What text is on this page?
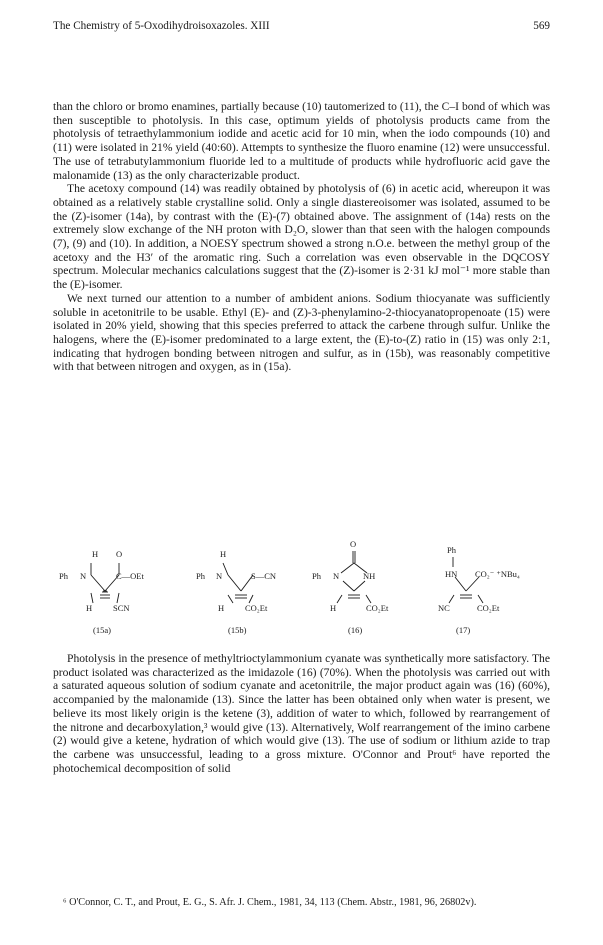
The Chemistry of 5-Oxodihydroisoxazoles. XIII	569

than the chloro or bromo enamines, partially because (10) tautomerized to (11), the C–I bond of which was then susceptible to photolysis. In this case, optimum yields of photolysis products came from the photolysis of tetraethylammonium iodide and acetic acid for 10 min, when the iodo compounds (10) and (11) were isolated in 21% yield (40:60). Attempts to synthesize the fluoro enamine (12) were unsuccessful. The use of tetrabutylammonium fluoride led to a multitude of products while hydrofluoric acid gave the malonamide (13) as the only characterizable product.

The acetoxy compound (14) was readily obtained by photolysis of (6) in acetic acid, whereupon it was obtained as a relatively stable crystalline solid. Only a single diastereoisomer was isolated, assumed to be the (Z)-isomer (14a), by contrast with the (E)-(7) obtained above. The assignment of (14a) rests on the extremely slow exchange of the NH proton with D₂O, slower than that seen with the halogen compounds (7), (9) and (10). In addition, a NOESY spectrum showed a strong n.O.e. between the methyl group of the acetoxy and the H3′ of the aromatic ring. Such a correlation was even observable in the DQCOSY spectrum. Molecular mechanics calculations suggest that the (Z)-isomer is 2·31 kJ mol⁻¹ more stable than the (E)-isomer.

We next turned our attention to a number of ambident anions. Sodium thiocyanate was sufficiently soluble in acetonitrile to be usable. Ethyl (E)- and (Z)-3-phenylamino-2-thiocyanatopropenoate (15) were isolated in 20% yield, showing that this species preferred to attack the carbene through sulfur. Unlike the halogens, where the (E)-isomer predominated to a large extent, the (E)-to-(Z) ratio in (15) was only 2:1, indicating that hydrogen bonding between nitrogen and sulfur, as in (15b), was reasonably competitive with that between nitrogen and oxygen, as in (15a).

H O
Ph N	C—OEt
H SCN
(15a)
H
Ph N	S—CN
H CO₂Et
(15b)
O
Ph N	NH
H	CO₂Et
(16)
Ph
HN CO₂⁻ ⁺NBu₄
NC	CO₂Et
(17)

Photolysis in the presence of methyltrioctylammonium cyanate was synthetically more satisfactory. The product isolated was characterized as the imidazole (16) (70%). When the photolysis was carried out with a saturated aqueous solution of sodium cyanate and acetonitrile, the major product again was (16) (60%), accompanied by the malonamide (13). Since the latter has been obtained only when water is present, we believe its most likely origin is the ketene (3), addition of water to which, followed by rearrangement of the nitrone and decarboxylation,³ would give (13). Alternatively, Wolf rearrangement of the imino carbene (2) would give a ketene, hydration of which would give (13). The use of sodium or lithium azide to trap the carbene was unsuccessful, leading to a gross mixture. O'Connor and Prout⁶ have reported the photochemical decomposition of solid

⁶ O'Connor, C. T., and Prout, E. G., S. Afr. J. Chem., 1981, 34, 113 (Chem. Abstr., 1981, 96, 26802v).
